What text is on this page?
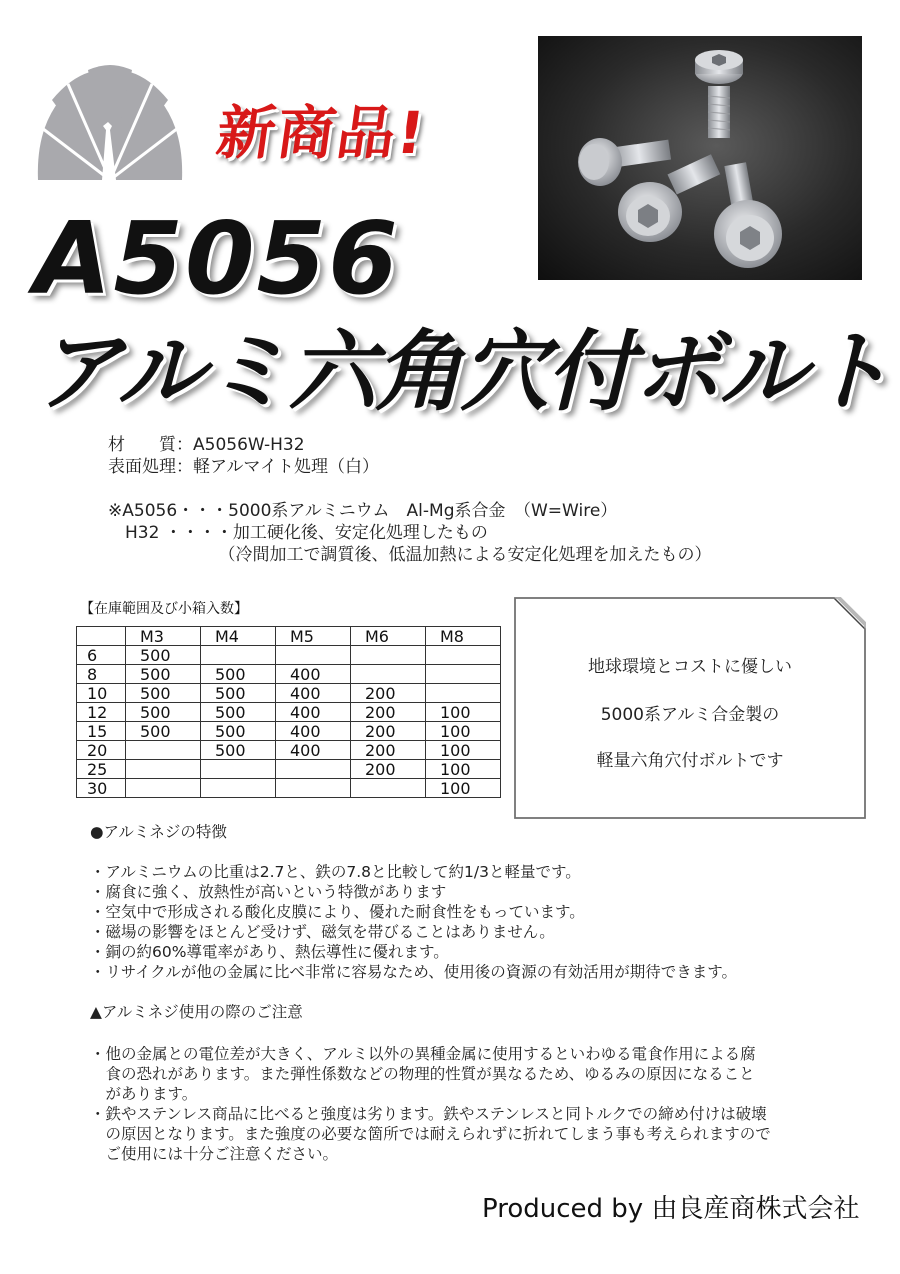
新商品!
A5056
アルミ六角穴付ボルト
材　　質：A5056W-H32
表面処理：軽アルマイト処理（白）
※A5056・・・5000系アルミニウム　Al-Mg系合金　（W=Wire）
　H32 ・・・・加工硬化後、安定化処理したもの
　　　　　　　（冷間加工で調質後、低温加熱による安定化処理を加えたもの）
【在庫範囲及び小箱入数】
	M3	M4	M5	M6	M8
6	500				
8	500	500	400		
10	500	500	400	200	
12	500	500	400	200	100
15	500	500	400	200	100
20		500	400	200	100
25				200	100
30					100
地球環境とコストに優しい
5000系アルミ合金製の
軽量六角穴付ボルトです
●アルミネジの特徴
・アルミニウムの比重は2.7と、鉄の7.8と比較して約1/3と軽量です。
・腐食に強く、放熱性が高いという特徴があります
・空気中で形成される酸化皮膜により、優れた耐食性をもっています。
・磁場の影響をほとんど受けず、磁気を帯びることはありません。
・銅の約60%導電率があり、熱伝導性に優れます。
・リサイクルが他の金属に比べ非常に容易なため、使用後の資源の有効活用が期待できます。
▲アルミネジ使用の際のご注意
・他の金属との電位差が大きく、アルミ以外の異種金属に使用するといわゆる電食作用による腐
　食の恐れがあります。また弾性係数などの物理的性質が異なるため、ゆるみの原因になること
　があります。
・鉄やステンレス商品に比べると強度は劣ります。鉄やステンレスと同トルクでの締め付けは破壊
　の原因となります。また強度の必要な箇所では耐えられずに折れてしまう事も考えられますので
　ご使用には十分ご注意ください。
Produced by 由良産商株式会社
